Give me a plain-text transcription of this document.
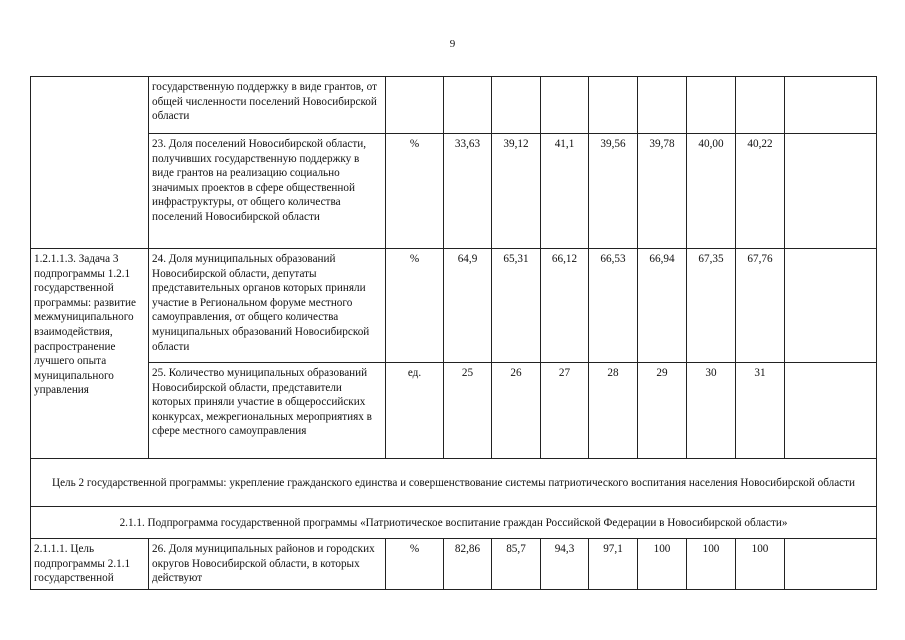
9
	государственную поддержку в виде грантов, от общей численности поселений Новосибирской области									
	23. Доля поселений Новосибирской области, получивших государственную поддержку в виде грантов на реализацию социально значимых проектов в сфере общественной инфраструктуры, от общего количества поселений Новосибирской области	%	33,63	39,12	41,1	39,56	39,78	40,00	40,22	
1.2.1.1.3. Задача 3 подпрограммы 1.2.1 государственной программы: развитие межмуниципального взаимодействия, распространение лучшего опыта муниципального управления	24. Доля муниципальных образований Новосибирской области, депутаты представительных органов которых приняли участие в Региональном форуме местного самоуправления, от общего количества муниципальных образований Новосибирской области	%	64,9	65,31	66,12	66,53	66,94	67,35	67,76	
	25. Количество муниципальных образований Новосибирской области, представители которых приняли участие в общероссийских конкурсах, межрегиональных мероприятиях в сфере местного самоуправления	ед.	25	26	27	28	29	30	31	
Цель 2 государственной программы: укрепление гражданского единства и совершенствование системы патриотического воспитания населения Новосибирской области										
2.1.1. Подпрограмма государственной программы «Патриотическое воспитание граждан Российской Федерации в Новосибирской области»										
2.1.1.1. Цель подпрограммы 2.1.1 государственной	26. Доля муниципальных районов и городских округов Новосибирской области, в которых действуют	%	82,86	85,7	94,3	97,1	100	100	100	
